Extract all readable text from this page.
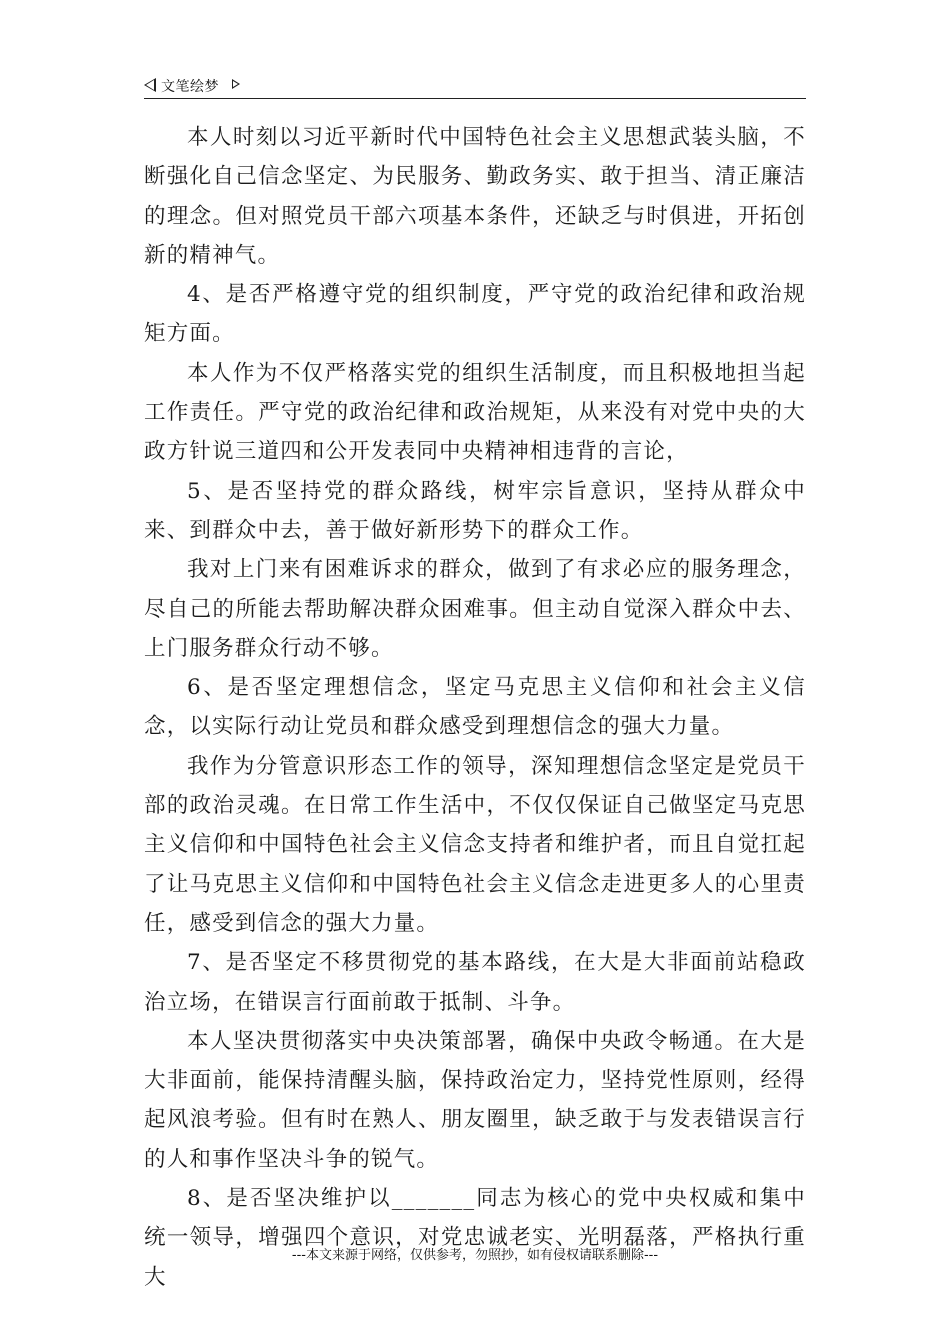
文笔绘梦

本人时刻以习近平新时代中国特色社会主义思想武装头脑，不断强化自己信念坚定、为民服务、勤政务实、敢于担当、清正廉洁的理念。但对照党员干部六项基本条件，还缺乏与时俱进，开拓创新的精神气。

4、是否严格遵守党的组织制度，严守党的政治纪律和政治规矩方面。

本人作为不仅严格落实党的组织生活制度，而且积极地担当起工作责任。严守党的政治纪律和政治规矩，从来没有对党中央的大政方针说三道四和公开发表同中央精神相违背的言论，

5、是否坚持党的群众路线，树牢宗旨意识，坚持从群众中来、到群众中去，善于做好新形势下的群众工作。

我对上门来有困难诉求的群众，做到了有求必应的服务理念，尽自己的所能去帮助解决群众困难事。但主动自觉深入群众中去、上门服务群众行动不够。

6、是否坚定理想信念，坚定马克思主义信仰和社会主义信念，以实际行动让党员和群众感受到理想信念的强大力量。

我作为分管意识形态工作的领导，深知理想信念坚定是党员干部的政治灵魂。在日常工作生活中，不仅仅保证自己做坚定马克思主义信仰和中国特色社会主义信念支持者和维护者，而且自觉扛起了让马克思主义信仰和中国特色社会主义信念走进更多人的心里责任，感受到信念的强大力量。

7、是否坚定不移贯彻党的基本路线，在大是大非面前站稳政治立场，在错误言行面前敢于抵制、斗争。

本人坚决贯彻落实中央决策部署，确保中央政令畅通。在大是大非面前，能保持清醒头脑，保持政治定力，坚持党性原则，经得起风浪考验。但有时在熟人、朋友圈里，缺乏敢于与发表错误言行的人和事作坚决斗争的锐气。

8、是否坚决维护以_______同志为核心的党中央权威和集中统一领导，增强四个意识，对党忠诚老实、光明磊落，严格执行重大

---本文来源于网络，仅供参考，勿照抄，如有侵权请联系删除---
